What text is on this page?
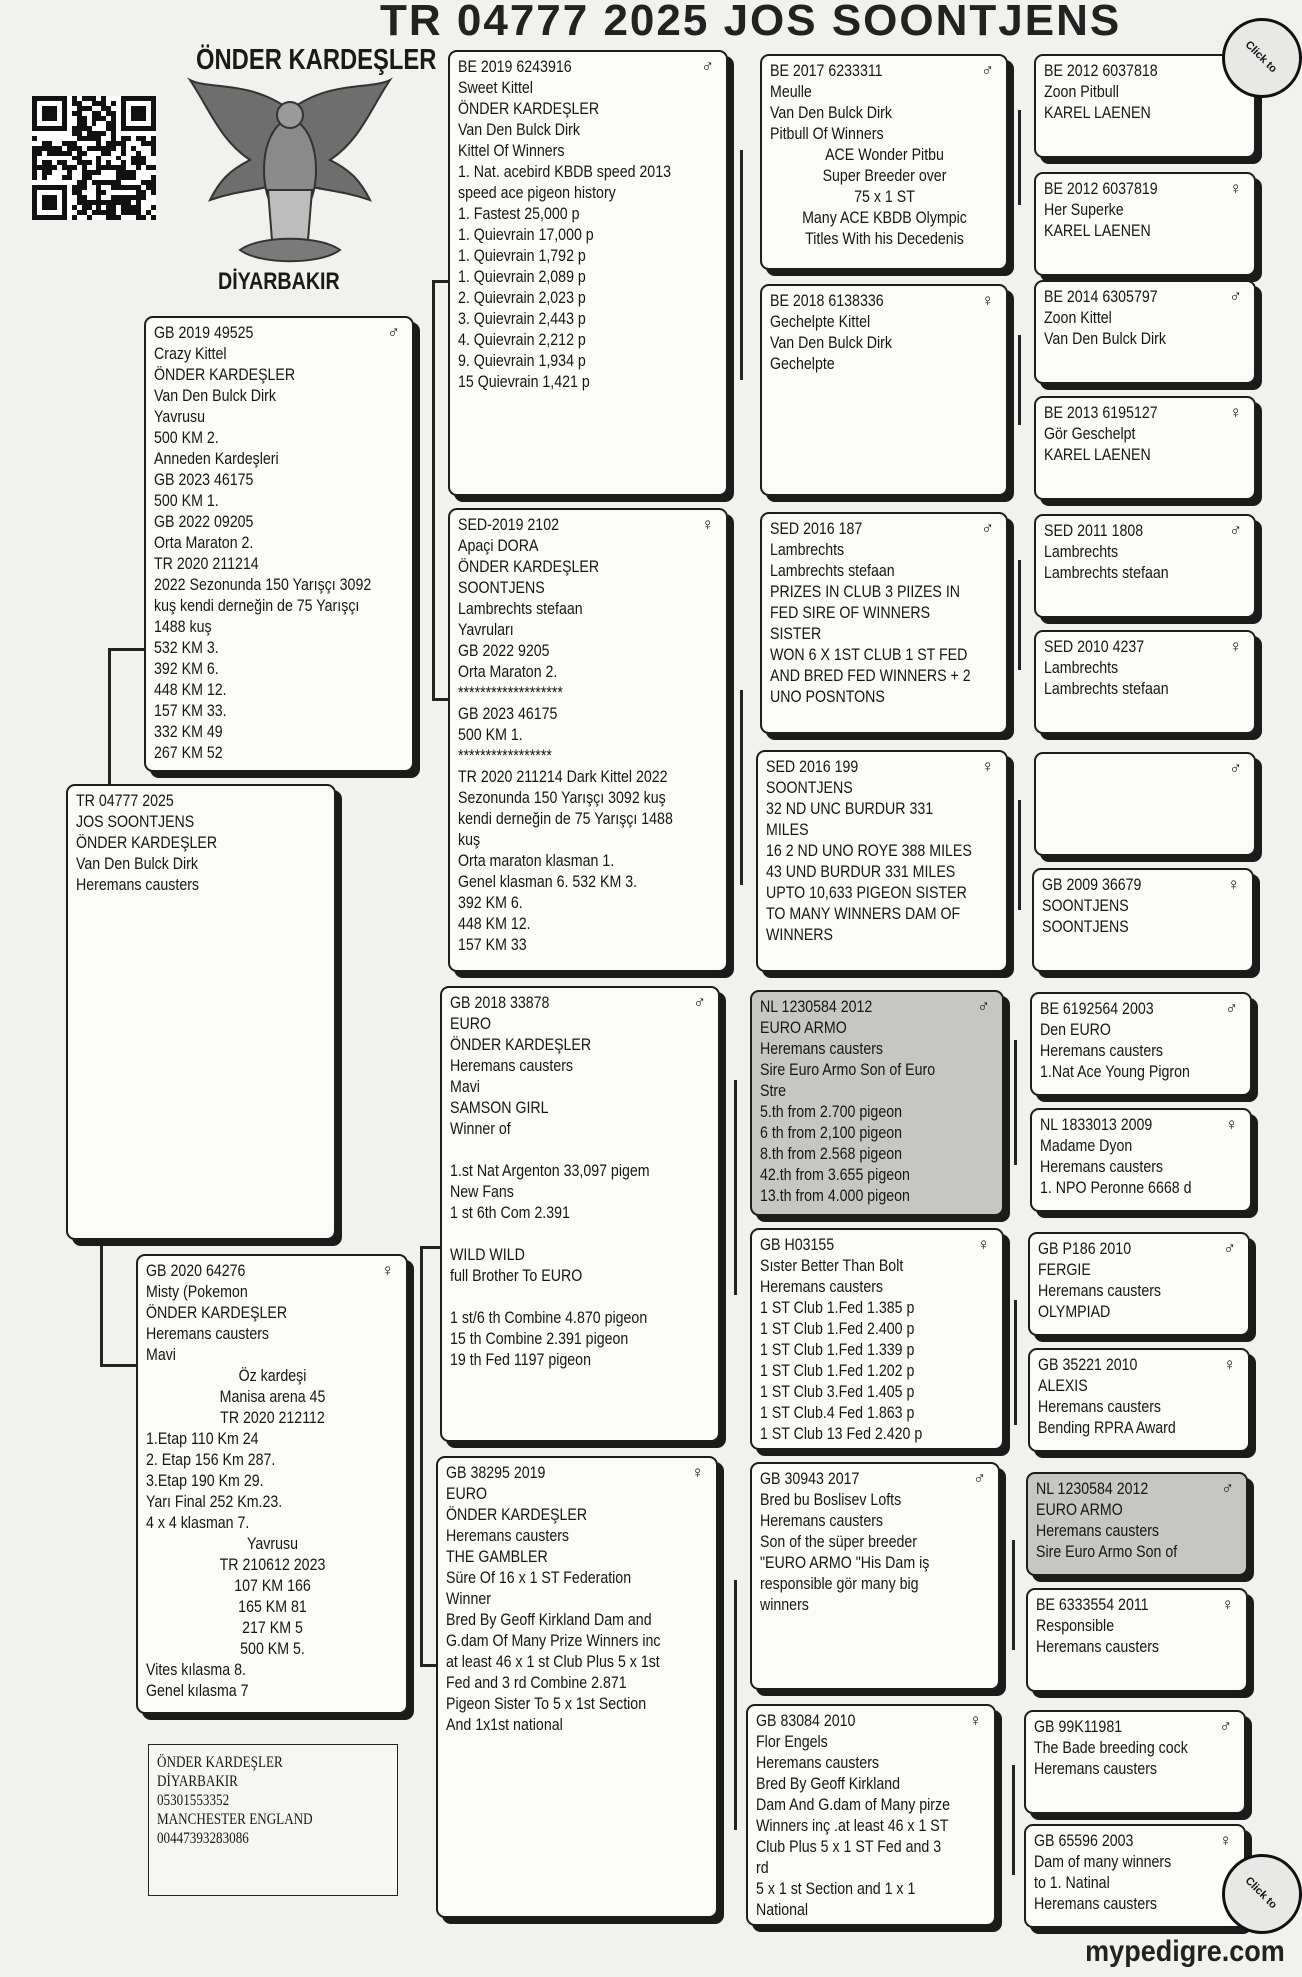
TR 04777 2025 JOS SOONTJENS
ÖNDER KARDEŞLER
DİYARBAKIR
TR 04777 2025
JOS SOONTJENS
ÖNDER KARDEŞLER
Van Den Bulck Dirk
Heremans causters
♂
GB 2019 49525
Crazy Kittel
ÖNDER KARDEŞLER
Van Den Bulck Dirk
Yavrusu
500 KM 2.
Anneden Kardeşleri
GB 2023 46175
500 KM 1.
GB 2022 09205
Orta Maraton 2.
TR 2020 211214
2022 Sezonunda 150 Yarışçı 3092
kuş kendi derneğin de 75 Yarışçı
1488 kuş
532 KM 3.
392 KM 6.
448 KM 12.
157 KM 33.
332 KM 49
267 KM 52
♀
GB 2020 64276
Misty (Pokemon
ÖNDER KARDEŞLER
Heremans causters
Mavi
Öz kardeşi
Manisa arena 45
TR 2020 212112
1.Etap 110 Km 24
2. Etap 156 Km 287.
3.Etap 190 Km 29.
Yarı Final 252 Km.23.
4 x 4 klasman 7.
Yavrusu
TR 210612 2023
107 KM 166
165 KM 81
217 KM 5
500 KM 5.
Vites kılasma 8.
Genel kılasma 7
♂
BE 2019 6243916
Sweet Kittel
ÖNDER KARDEŞLER
Van Den Bulck Dirk
Kittel Of Winners
1. Nat. acebird KBDB speed 2013
speed ace pigeon history
1. Fastest 25,000 p
1. Quievrain 17,000 p
1. Quievrain 1,792 p
1. Quievrain 2,089 p
2. Quievrain 2,023 p
3. Quievrain 2,443 p
4. Quievrain 2,212 p
9. Quievrain 1,934 p
15 Quievrain 1,421 p
♀
SED-2019 2102
Apaçi DORA
ÖNDER KARDEŞLER
SOONTJENS
Lambrechts stefaan
Yavruları
GB 2022 9205
Orta Maraton 2.
*******************
GB 2023 46175
500 KM 1.
*****************
TR 2020 211214 Dark Kittel 2022
Sezonunda 150 Yarışçı 3092 kuş
kendi derneğin de 75 Yarışçı 1488
kuş
Orta maraton klasman 1.
Genel klasman 6. 532 KM 3.
392 KM 6.
448 KM 12.
157 KM 33
♂
GB 2018 33878
EURO
ÖNDER KARDEŞLER
Heremans causters
Mavi
SAMSON GIRL
Winner of
1.st Nat Argenton 33,097 pigem
New Fans
1 st 6th Com 2.391
WILD WILD
full Brother To EURO
1 st/6 th Combine 4.870 pigeon
15 th Combine 2.391 pigeon
19 th Fed 1197 pigeon
♀
GB 38295 2019
EURO
ÖNDER KARDEŞLER
Heremans causters
THE GAMBLER
Süre Of 16 x 1 ST Federation
Winner
Bred By Geoff Kirkland Dam and
G.dam Of Many Prize Winners inc
at least 46 x 1 st Club Plus 5 x 1st
Fed and 3 rd Combine 2.871
Pigeon Sister To 5 x 1st Section
And 1x1st national
♂
BE 2017 6233311
Meulle
Van Den Bulck Dirk
Pitbull Of Winners
ACE Wonder Pitbu
Super Breeder over
75 x 1 ST
Many ACE KBDB Olympic
Titles With his Decedenis
♀
BE 2018 6138336
Gechelpte Kittel
Van Den Bulck Dirk
Gechelpte
♂
SED 2016 187
Lambrechts
Lambrechts stefaan
PRIZES IN CLUB 3 PIIZES IN
FED SIRE OF WINNERS
SISTER
WON 6 X 1ST CLUB 1 ST FED
AND BRED FED WINNERS + 2
UNO POSNTONS
♀
SED 2016 199
SOONTJENS
32 ND UNC BURDUR 331
MILES
16 2 ND UNO ROYE 388 MILES
43 UND BURDUR 331 MILES
UPTO 10,633 PIGEON SISTER
TO MANY WINNERS DAM OF
WINNERS
♂
NL 1230584 2012
EURO ARMO
Heremans causters
Sire Euro Armo Son of Euro
Stre
5.th from 2.700 pigeon
6 th from 2,100 pigeon
8.th from 2.568 pigeon
42.th from 3.655 pigeon
13.th from 4.000 pigeon
♀
GB H03155
Sıster Better Than Bolt
Heremans causters
1 ST Club 1.Fed 1.385 p
1 ST Club 1.Fed 2.400 p
1 ST Club 1.Fed 1.339 p
1 ST Club 1.Fed 1.202 p
1 ST Club 3.Fed 1.405 p
1 ST Club.4 Fed 1.863 p
1 ST Club 13 Fed 2.420 p
♂
GB 30943 2017
Bred bu Boslisev Lofts
Heremans causters
Son of the süper breeder
"EURO ARMO "His Dam iş
responsible gör many big
winners
♀
GB 83084 2010
Flor Engels
Heremans causters
Bred By Geoff Kirkland
Dam And G.dam of Many pirze
Winners inç .at least 46 x 1 ST
Club Plus 5 x 1 ST Fed and 3
rd
5 x 1 st Section and 1 x 1
National
BE 2012 6037818
Zoon Pitbull
KAREL LAENEN
♀
BE 2012 6037819
Her Superke
KAREL LAENEN
♂
BE 2014 6305797
Zoon Kittel
Van Den Bulck Dirk
♀
BE 2013 6195127
Gör Geschelpt
KAREL LAENEN
♂
SED 2011 1808
Lambrechts
Lambrechts stefaan
♀
SED 2010 4237
Lambrechts
Lambrechts stefaan
♂
♀
GB 2009 36679
SOONTJENS
SOONTJENS
♂
BE 6192564 2003
Den EURO
Heremans causters
1.Nat Ace Young Pigron
♀
NL 1833013 2009
Madame Dyon
Heremans causters
1. NPO Peronne 6668 d
♂
GB P186 2010
FERGIE
Heremans causters
OLYMPIAD
♀
GB 35221 2010
ALEXIS
Heremans causters
Bending RPRA Award
♂
NL 1230584 2012
EURO ARMO
Heremans causters
Sire Euro Armo Son of
♀
BE 6333554 2011
Responsible
Heremans causters
♂
GB 99K11981
The Bade breeding cock
Heremans causters
♀
GB 65596 2003
Dam of many winners
to 1. Natinal
Heremans causters
ÖNDER KARDEŞLER
DİYARBAKIR
05301553352
MANCHESTER ENGLAND
00447393283086
Click to
Click to
mypedigre.com
